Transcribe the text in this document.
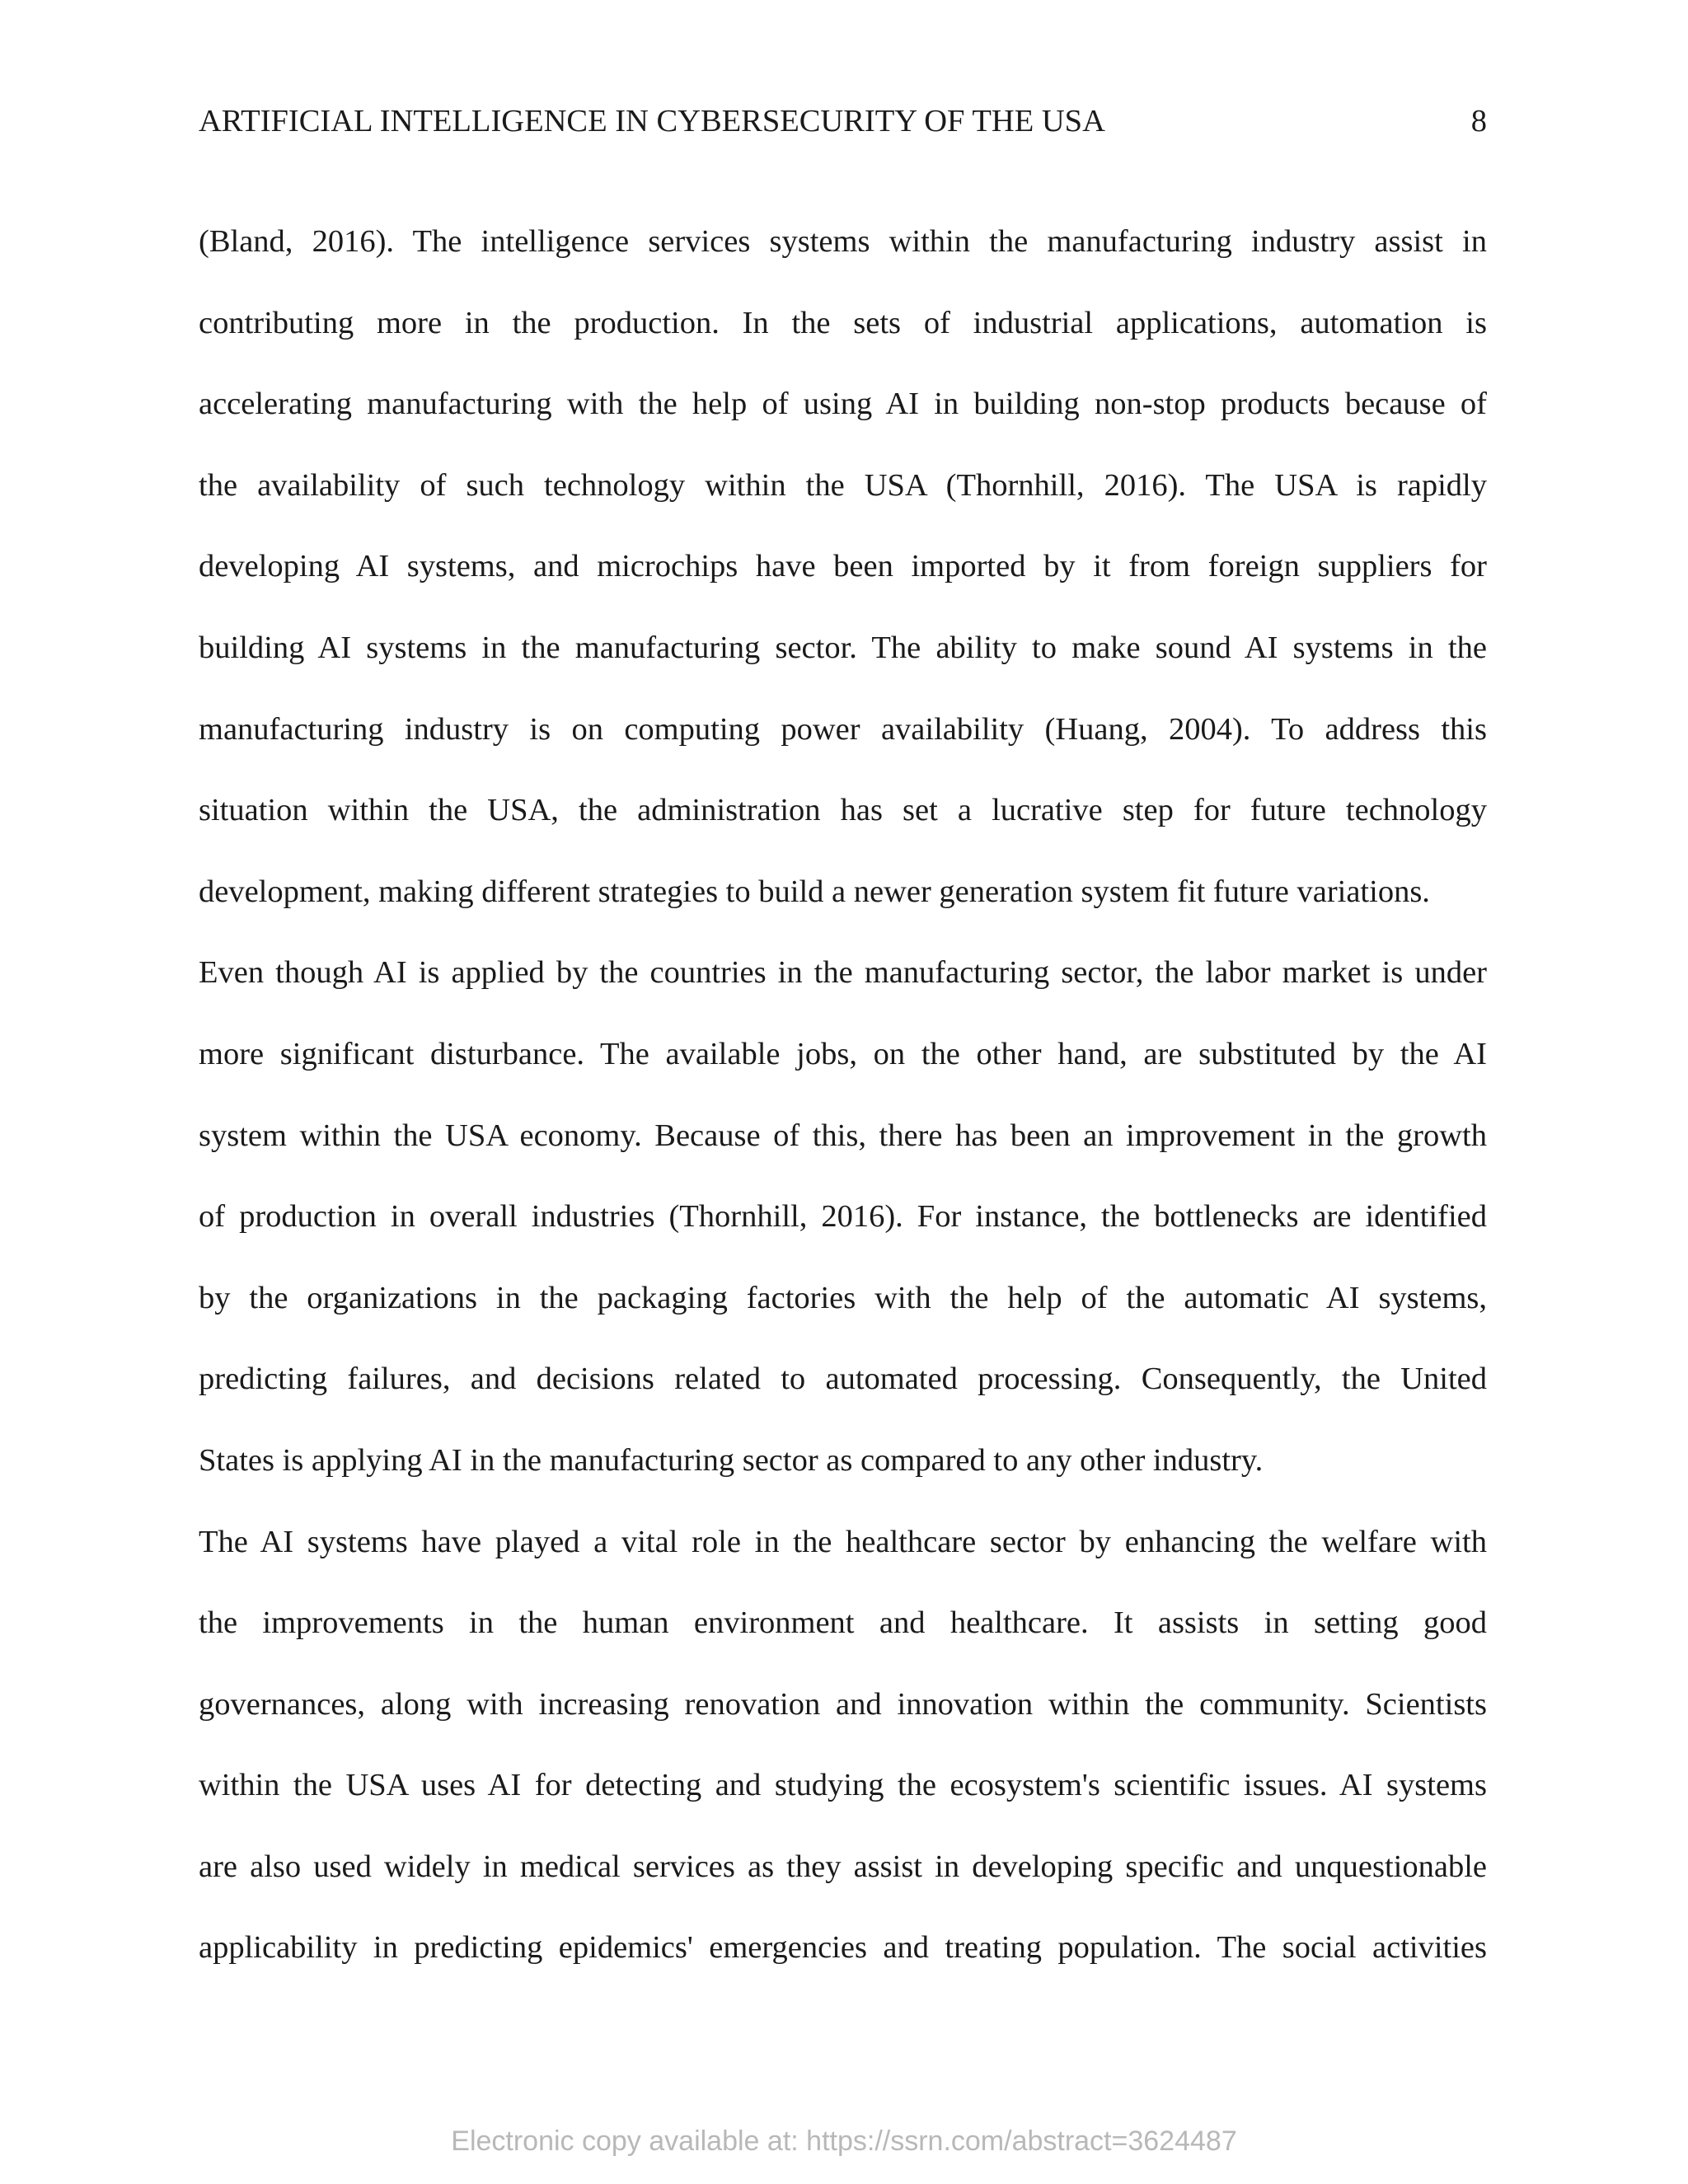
ARTIFICIAL INTELLIGENCE IN CYBERSECURITY OF THE USA	8
(Bland, 2016). The intelligence services systems within the manufacturing industry assist in
contributing more in the production. In the sets of industrial applications, automation is
accelerating manufacturing with the help of using AI in building non-stop products because of
the availability of such technology within the USA (Thornhill, 2016). The USA is rapidly
developing AI systems, and microchips have been imported by it from foreign suppliers for
building AI systems in the manufacturing sector. The ability to make sound AI systems in the
manufacturing industry is on computing power availability (Huang, 2004). To address this
situation within the USA, the administration has set a lucrative step for future technology
development, making different strategies to build a newer generation system fit future variations.
Even though AI is applied by the countries in the manufacturing sector, the labor market is under
more significant disturbance. The available jobs, on the other hand, are substituted by the AI
system within the USA economy. Because of this, there has been an improvement in the growth
of production in overall industries (Thornhill, 2016). For instance, the bottlenecks are identified
by the organizations in the packaging factories with the help of the automatic AI systems,
predicting failures, and decisions related to automated processing. Consequently, the United
States is applying AI in the manufacturing sector as compared to any other industry.
The AI systems have played a vital role in the healthcare sector by enhancing the welfare with
the improvements in the human environment and healthcare. It assists in setting good
governances, along with increasing renovation and innovation within the community. Scientists
within the USA uses AI for detecting and studying the ecosystem's scientific issues. AI systems
are also used widely in medical services as they assist in developing specific and unquestionable
applicability in predicting epidemics' emergencies and treating population. The social activities
Electronic copy available at: https://ssrn.com/abstract=3624487
